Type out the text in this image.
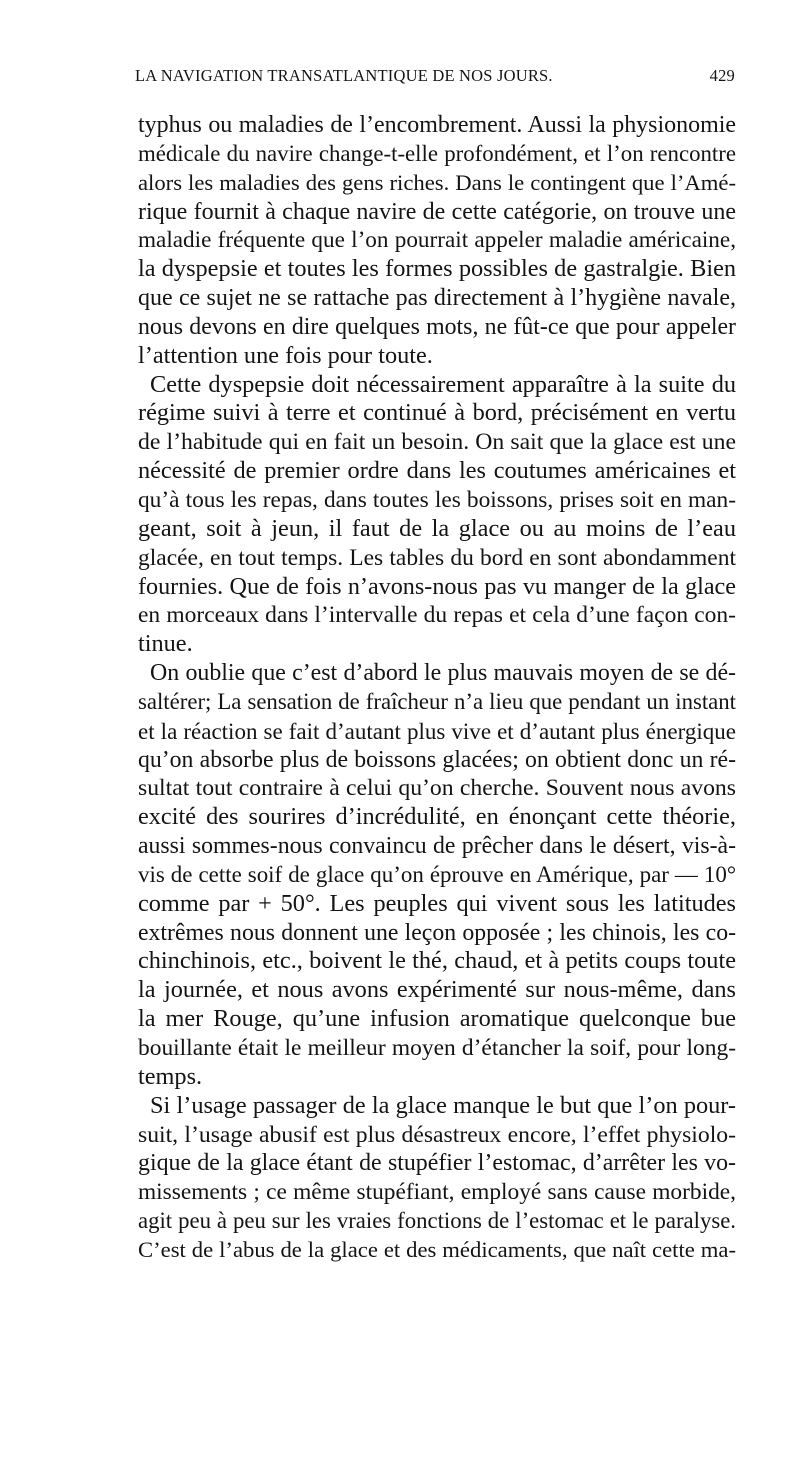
LA NAVIGATION TRANSATLANTIQUE DE NOS JOURS.	429
typhus ou maladies de l’encombrement. Aussi la physionomie
médicale du navire change-t-elle profondément, et l’on rencontre
alors les maladies des gens riches. Dans le contingent que l’Amé-
rique fournit à chaque navire de cette catégorie, on trouve une
maladie fréquente que l’on pourrait appeler maladie américaine,
la dyspepsie et toutes les formes possibles de gastralgie. Bien
que ce sujet ne se rattache pas directement à l’hygiène navale,
nous devons en dire quelques mots, ne fût-ce que pour appeler
l’attention une fois pour toute.
Cette dyspepsie doit nécessairement apparaître à la suite du
régime suivi à terre et continué à bord, précisément en vertu
de l’habitude qui en fait un besoin. On sait que la glace est une
nécessité de premier ordre dans les coutumes américaines et
qu’à tous les repas, dans toutes les boissons, prises soit en man-
geant, soit à jeun, il faut de la glace ou au moins de l’eau
glacée, en tout temps. Les tables du bord en sont abondamment
fournies. Que de fois n’avons-nous pas vu manger de la glace
en morceaux dans l’intervalle du repas et cela d’une façon con-
tinue.
On oublie que c’est d’abord le plus mauvais moyen de se dé-
saltérer; La sensation de fraîcheur n’a lieu que pendant un instant
et la réaction se fait d’autant plus vive et d’autant plus énergique
qu’on absorbe plus de boissons glacées; on obtient donc un ré-
sultat tout contraire à celui qu’on cherche. Souvent nous avons
excité des sourires d’incrédulité, en énonçant cette théorie,
aussi sommes-nous convaincu de prêcher dans le désert, vis-à-
vis de cette soif de glace qu’on éprouve en Amérique, par — 10°
comme par + 50°. Les peuples qui vivent sous les latitudes
extrêmes nous donnent une leçon opposée ; les chinois, les co-
chinchinois, etc., boivent le thé, chaud, et à petits coups toute
la journée, et nous avons expérimenté sur nous-même, dans
la mer Rouge, qu’une infusion aromatique quelconque bue
bouillante était le meilleur moyen d’étancher la soif, pour long-
temps.
Si l’usage passager de la glace manque le but que l’on pour-
suit, l’usage abusif est plus désastreux encore, l’effet physiolo-
gique de la glace étant de stupéfier l’estomac, d’arrêter les vo-
missements ; ce même stupéfiant, employé sans cause morbide,
agit peu à peu sur les vraies fonctions de l’estomac et le paralyse.
C’est de l’abus de la glace et des médicaments, que naît cette ma-
